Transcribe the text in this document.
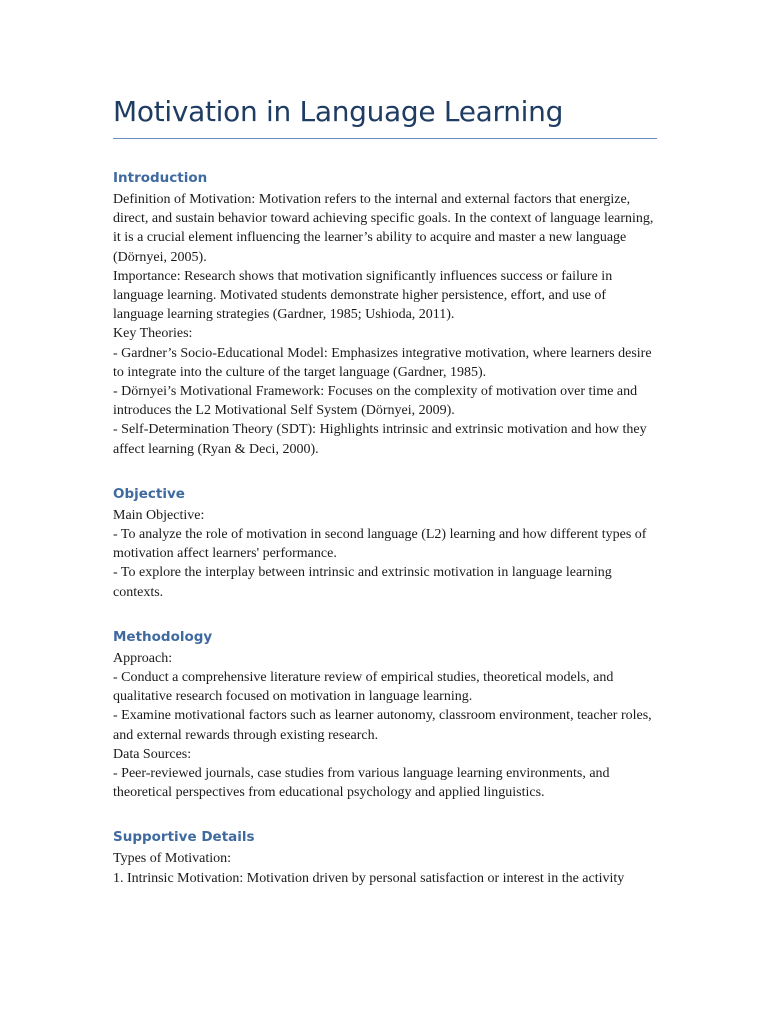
Motivation in Language Learning
Introduction

Definition of Motivation: Motivation refers to the internal and external factors that energize, direct, and sustain behavior toward achieving specific goals. In the context of language learning, it is a crucial element influencing the learner’s ability to acquire and master a new language (Dörnyei, 2005).

Importance: Research shows that motivation significantly influences success or failure in language learning. Motivated students demonstrate higher persistence, effort, and use of language learning strategies (Gardner, 1985; Ushioda, 2011).

Key Theories:

- Gardner’s Socio-Educational Model: Emphasizes integrative motivation, where learners desire to integrate into the culture of the target language (Gardner, 1985).

- Dörnyei’s Motivational Framework: Focuses on the complexity of motivation over time and introduces the L2 Motivational Self System (Dörnyei, 2009).

- Self-Determination Theory (SDT): Highlights intrinsic and extrinsic motivation and how they affect learning (Ryan & Deci, 2000).

Objective

Main Objective:

- To analyze the role of motivation in second language (L2) learning and how different types of motivation affect learners' performance.

- To explore the interplay between intrinsic and extrinsic motivation in language learning contexts.

Methodology

Approach:

- Conduct a comprehensive literature review of empirical studies, theoretical models, and qualitative research focused on motivation in language learning.

- Examine motivational factors such as learner autonomy, classroom environment, teacher roles, and external rewards through existing research.

Data Sources:

- Peer-reviewed journals, case studies from various language learning environments, and theoretical perspectives from educational psychology and applied linguistics.

Supportive Details

Types of Motivation:

1. Intrinsic Motivation: Motivation driven by personal satisfaction or interest in the activity
